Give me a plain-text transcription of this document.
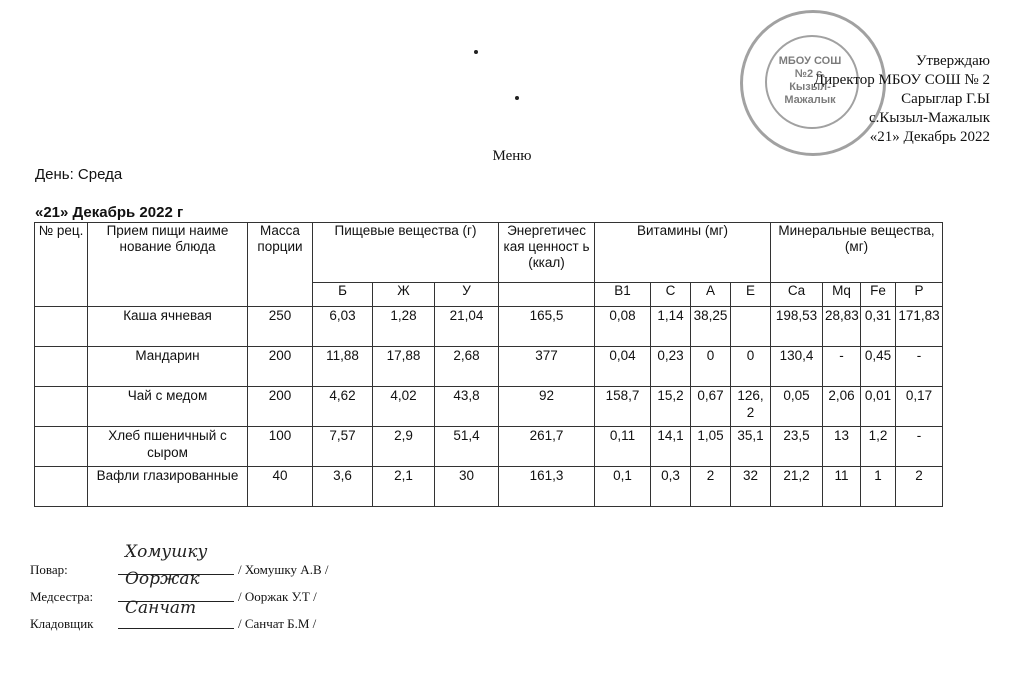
МБОУ СОШ №2 с. Кызыл-Мажалык
Утверждаю
Директор МБОУ СОШ № 2
Сарыглар Г.Ы
с.Кызыл-Мажалык
«21» Декабрь 2022
Меню
День: Среда
«21» Декабрь 2022 г
№ рец.	Прием пищи наиме нование блюда	Масса порции	Пищевые вещества (г)			Энергетичес кая ценност ь (ккал)	Витамины (мг)				Минеральные вещества, (мг)			
			Б	Ж	У		В1	С	А	Е	Ca	Mq	Fe	P
	Каша ячневая	250	6,03	1,28	21,04	165,5	0,08	1,14	38,25		198,53	28,83	0,31	171,83
	Мандарин	200	11,88	17,88	2,68	377	0,04	0,23	0	0	130,4	-	0,45	-
	Чай с медом	200	4,62	4,02	43,8	92	158,7	15,2	0,67	126, 2	0,05	2,06	0,01	0,17
	Хлеб пшеничный с сыром	100	7,57	2,9	51,4	261,7	0,11	14,1	1,05	35,1	23,5	13	1,2	-
	Вафли глазированные	40	3,6	2,1	30	161,3	0,1	0,3	2	32	21,2	11	1	2
Повар:
Хомушку
/ Хомушку А.В /
Медсестра:
Ооржак
/ Ооржак У.Т /
Кладовщик
Санчат
/ Санчат Б.М /
